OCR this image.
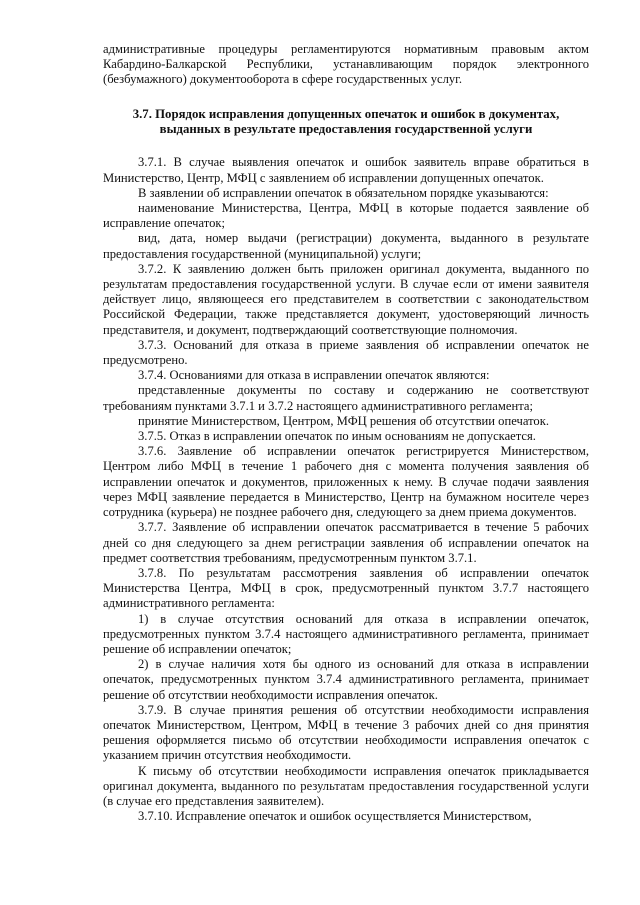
административные процедуры регламентируются нормативным правовым актом Кабардино-Балкарской Республики, устанавливающим порядок электронного (безбумажного) документооборота в сфере государственных услуг.

3.7. Порядок исправления допущенных опечаток и ошибок в документах,
выданных в результате предоставления государственной услуги

3.7.1. В случае выявления опечаток и ошибок заявитель вправе обратиться в Министерство, Центр, МФЦ с заявлением об исправлении допущенных опечаток.

В заявлении об исправлении опечаток в обязательном порядке указываются:

наименование Министерства, Центра, МФЦ в которые подается заявление об исправление опечаток;

вид, дата, номер выдачи (регистрации) документа, выданного в результате предоставления государственной (муниципальной) услуги;

3.7.2. К заявлению должен быть приложен оригинал документа, выданного по результатам предоставления государственной услуги. В случае если от имени заявителя действует лицо, являющееся его представителем в соответствии с законодательством Российской Федерации, также представляется документ, удостоверяющий личность представителя, и документ, подтверждающий соответствующие полномочия.

3.7.3. Оснований для отказа в приеме заявления об исправлении опечаток не предусмотрено.

3.7.4. Основаниями для отказа в исправлении опечаток являются:

представленные документы по составу и содержанию не соответствуют требованиям пунктами 3.7.1 и 3.7.2 настоящего административного регламента;

принятие Министерством, Центром, МФЦ решения об отсутствии опечаток.

3.7.5. Отказ в исправлении опечаток по иным основаниям не допускается.

3.7.6. Заявление об исправлении опечаток регистрируется Министерством, Центром либо МФЦ в течение 1 рабочего дня с момента получения заявления об исправлении опечаток и документов, приложенных к нему. В случае подачи заявления через МФЦ заявление передается в Министерство, Центр на бумажном носителе через сотрудника (курьера) не позднее рабочего дня, следующего за днем приема документов.

3.7.7. Заявление об исправлении опечаток рассматривается в течение 5 рабочих дней со дня следующего за днем регистрации заявления об исправлении опечаток на предмет соответствия требованиям, предусмотренным пунктом 3.7.1.

3.7.8. По результатам рассмотрения заявления об исправлении опечаток Министерства Центра, МФЦ в срок, предусмотренный пунктом 3.7.7 настоящего административного регламента:

1) в случае отсутствия оснований для отказа в исправлении опечаток, предусмотренных пунктом 3.7.4 настоящего административного регламента, принимает решение об исправлении опечаток;

2) в случае наличия хотя бы одного из оснований для отказа в исправлении опечаток, предусмотренных пунктом 3.7.4 административного регламента, принимает решение об отсутствии необходимости исправления опечаток.

3.7.9. В случае принятия решения об отсутствии необходимости исправления опечаток Министерством, Центром, МФЦ в течение 3 рабочих дней со дня принятия решения оформляется письмо об отсутствии необходимости исправления опечаток с указанием причин отсутствия необходимости.

К письму об отсутствии необходимости исправления опечаток прикладывается оригинал документа, выданного по результатам предоставления государственной услуги (в случае его представления заявителем).

3.7.10. Исправление опечаток и ошибок осуществляется Министерством,
